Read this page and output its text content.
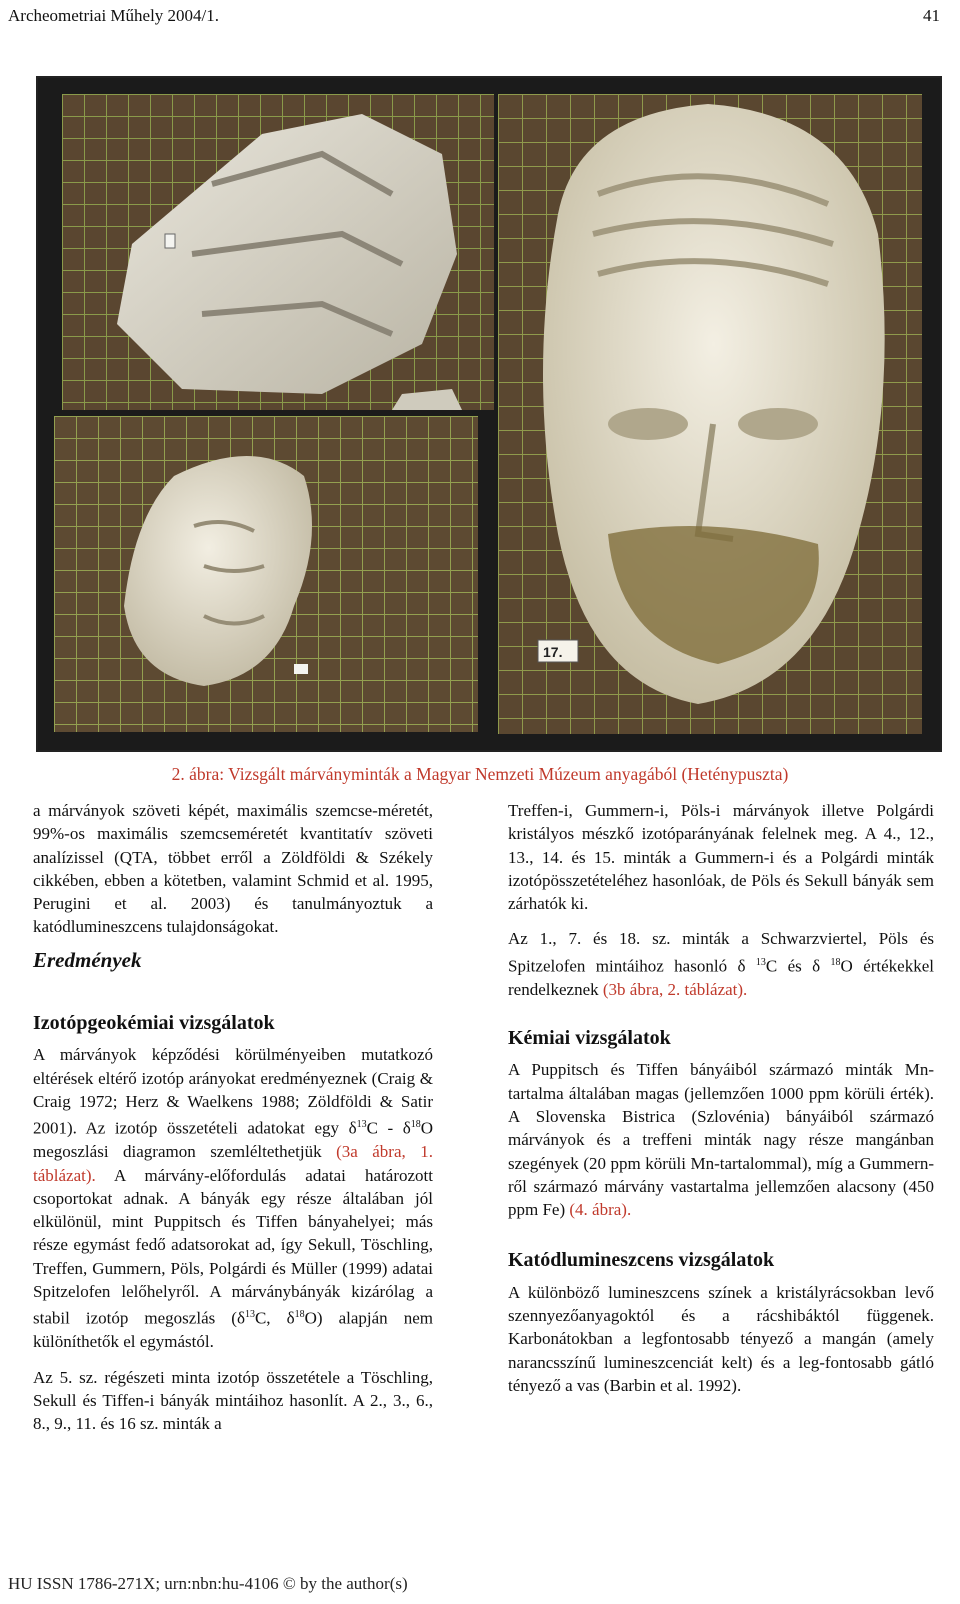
Archeometriai Műhely 2004/1.	41
17.
2. ábra: Vizsgált márványminták a Magyar Nemzeti Múzeum anyagából (Heténypuszta)

a márványok szöveti képét, maximális szemcse-méretét, 99%-os maximális szemcseméretét kvantitatív szöveti analízissel (QTA, többet erről a Zöldföldi & Székely cikkében, ebben a kötetben, valamint Schmid et al. 1995, Perugini et al. 2003) és tanulmányoztuk a katódlumineszcens tulajdonságokat.

Eredmények
Izotópgeokémiai vizsgálatok

A márványok képződési körülményeiben mutatkozó eltérések eltérő izotóp arányokat eredményeznek (Craig & Craig 1972; Herz & Waelkens 1988; Zöldföldi & Satir 2001). Az izotóp összetételi adatokat egy $\delta^{13}C - \delta^{18}O$ megoszlási diagramon szemléltethetjük (3a ábra, 1. táblázat). A márvány-előfordulás adatai határozott csoportokat adnak. A bányák egy része általában jól elkülönül, mint Puppitsch és Tiffen bányahelyei; más része egymást fedő adatsorokat ad, így Sekull, Töschling, Treffen, Gummern, Pöls, Polgárdi és Müller (1999) adatai Spitzelofen lelőhelyről. A márványbányák kizárólag a stabil izotóp megoszlás ($\delta^{13}C$, $\delta^{18}O$) alapján nem különíthetők el egymástól.

Az 5. sz. régészeti minta izotóp összetétele a Töschling, Sekull és Tiffen-i bányák mintáihoz hasonlít. A 2., 3., 6., 8., 9., 11. és 16 sz. minták a

Treffen-i, Gummern-i, Pöls-i márványok illetve Polgárdi kristályos mészkő izotóparányának felelnek meg. A 4., 12., 13., 14. és 15. minták a Gummern-i és a Polgárdi minták izotópösszetételéhez hasonlóak, de Pöls és Sekull bányák sem zárhatók ki.

Az 1., 7. és 18. sz. minták a Schwarzviertel, Pöls és Spitzelofen mintáihoz hasonló δ $^{13}$C és δ $^{18}$O értékekkel rendelkeznek (3b ábra, 2. táblázat).

Kémiai vizsgálatok

A Puppitsch és Tiffen bányáiból származó minták Mn-tartalma általában magas (jellemzően 1000 ppm körüli érték). A Slovenska Bistrica (Szlovénia) bányáiból származó márványok és a treffeni minták nagy része mangánban szegények (20 ppm körüli Mn-tartalommal), míg a Gummern-ről származó márvány vastartalma jellemzően alacsony (450 ppm Fe) (4. ábra).

Katódlumineszcens vizsgálatok

A különböző lumineszcens színek a kristályrácsokban levő szennyezőanyagoktól és a rácshibáktól függenek. Karbonátokban a legfontosabb tényező a mangán (amely narancsszínű lumineszcenciát kelt) és a leg-fontosabb gátló tényező a vas (Barbin et al. 1992).

HU ISSN 1786-271X; urn:nbn:hu-4106 © by the author(s)
